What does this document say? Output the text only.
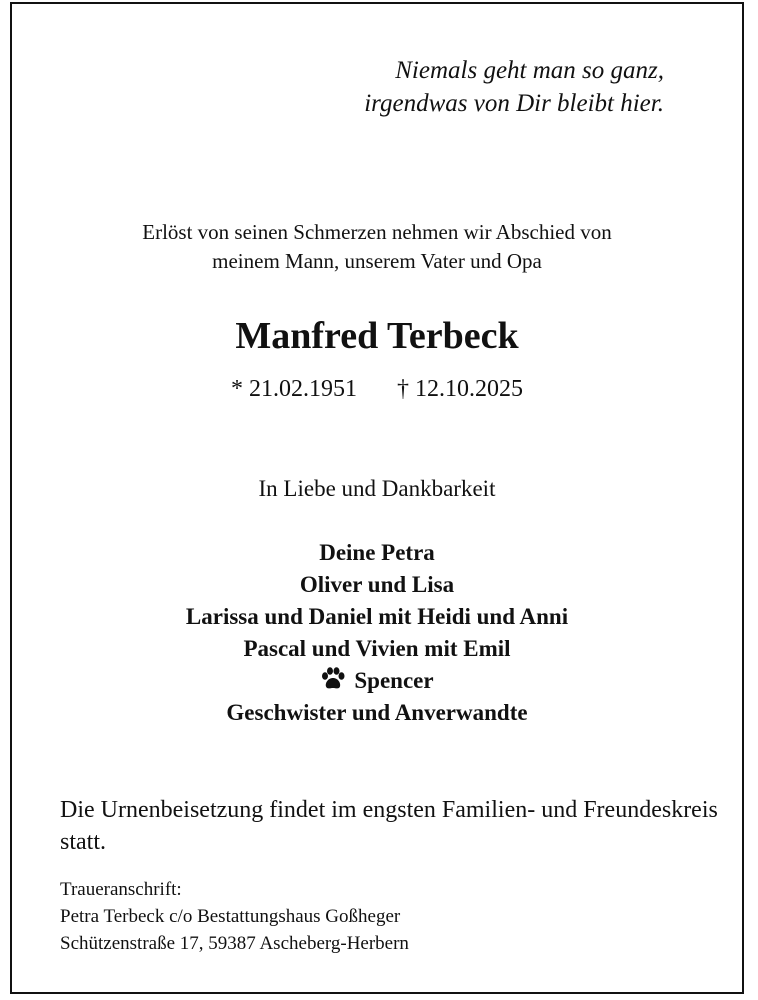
Niemals geht man so ganz,
irgendwas von Dir bleibt hier.
Erlöst von seinen Schmerzen nehmen wir Abschied von
meinem Mann, unserem Vater und Opa
Manfred Terbeck
* 21.02.1951 † 12.10.2025
In Liebe und Dankbarkeit
Deine Petra
Oliver und Lisa
Larissa und Daniel mit Heidi und Anni
Pascal und Vivien mit Emil
Spencer
Geschwister und Anverwandte
Die Urnenbeisetzung findet im engsten Familien- und Freundeskreis statt.
Traueranschrift:
Petra Terbeck c/o Bestattungshaus Goßheger
Schützenstraße 17, 59387 Ascheberg-Herbern
